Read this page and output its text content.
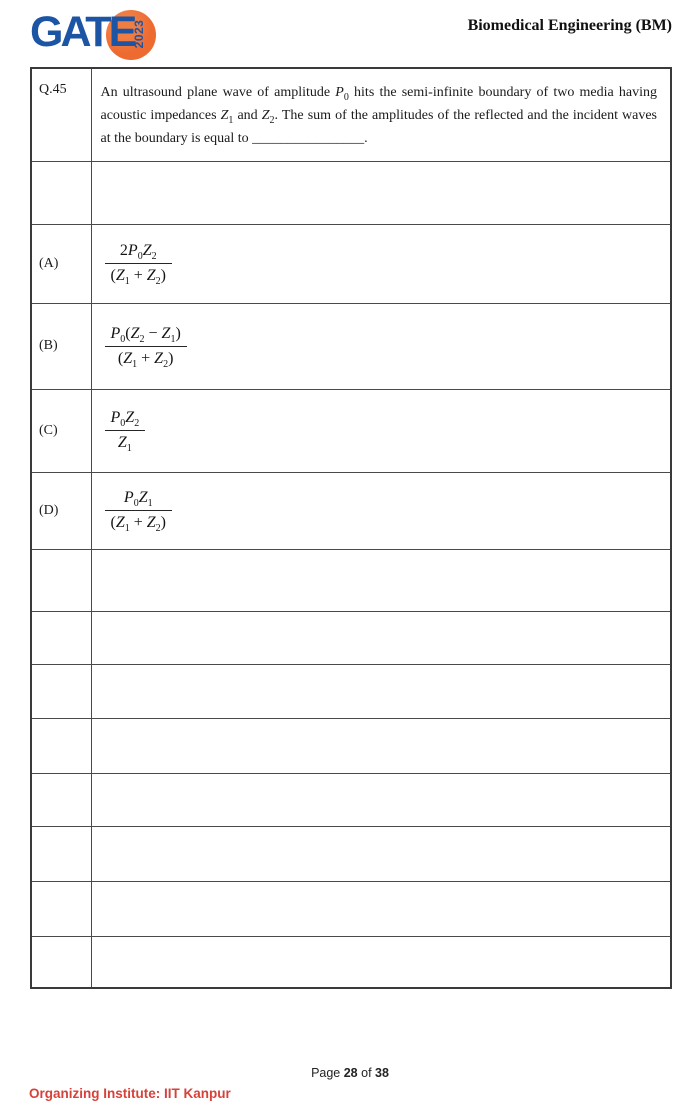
GATE
2023	Biomedical Engineering (BM)
Q.45	An ultrasound plane wave of amplitude $P_0$ hits the semi-infinite boundary of two media having acoustic impedances $Z_1$ and $Z_2$. The sum of the amplitudes of the reflected and the incident waves at the boundary is equal to ________________.

(A)	$\frac{2P_0Z_2}{(Z_1 + Z_2)}$

(B)	$\frac{P_0(Z_2 - Z_1)}{(Z_1 + Z_2)}$

(C)	$\frac{P_0Z_2}{Z_1}$

(D)	$\frac{P_0Z_1}{(Z_1 + Z_2)}$

Page 28 of 38
Organizing Institute: IIT Kanpur
